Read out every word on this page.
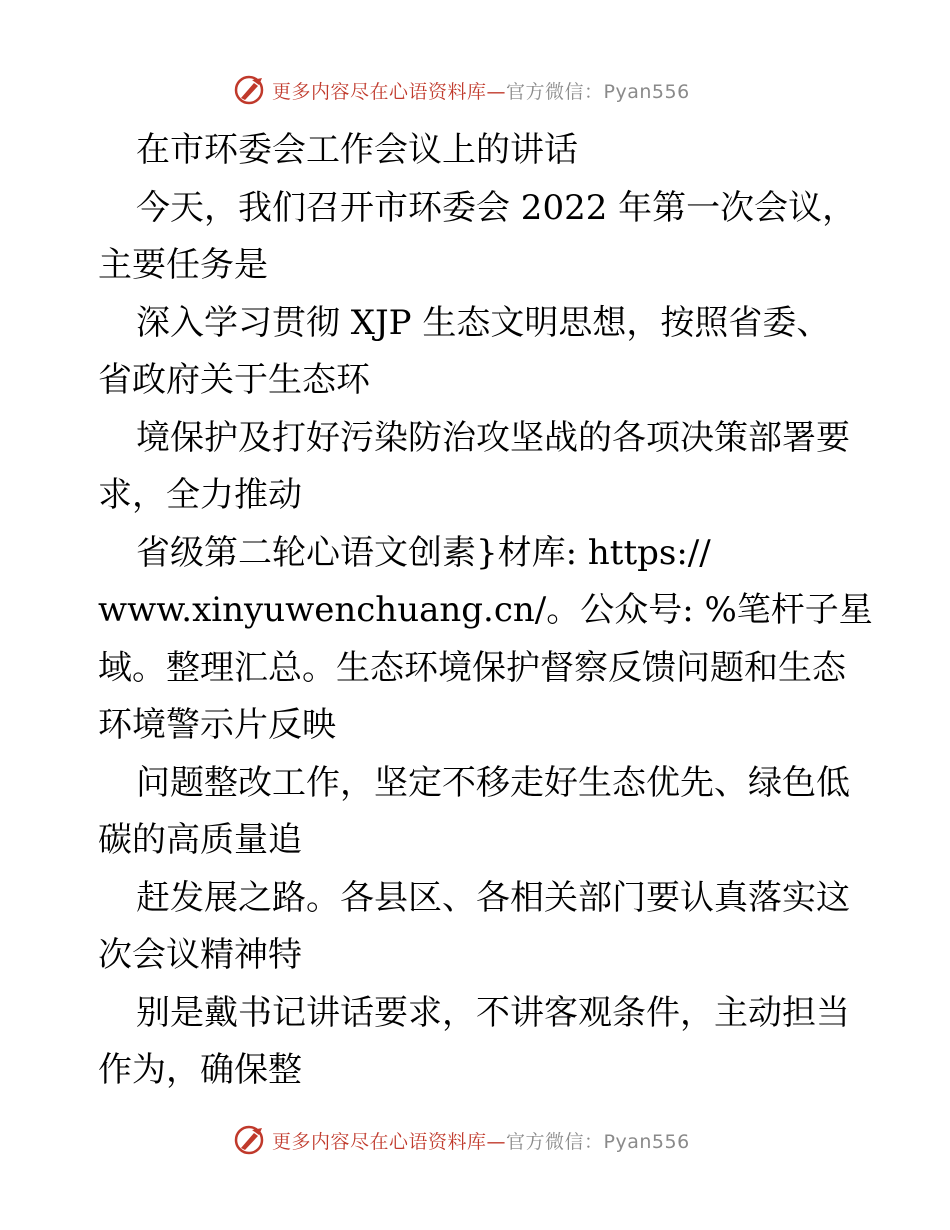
更多内容尽在心语资料库—官方微信：Pyan556
在市环委会工作会议上的讲话
今天，我们召开市环委会 2022 年第一次会议，
主要任务是
深入学习贯彻 XJP 生态文明思想，按照省委、
省政府关于生态环
境保护及打好污染防治攻坚战的各项决策部署要
求，全力推动
省级第二轮心语文创素}材库: https://
www.xinyuwenchuang.cn/。公众号: %笔杆子星
域。整理汇总。生态环境保护督察反馈问题和生态
环境警示片反映
问题整改工作，坚定不移走好生态优先、绿色低
碳的高质量追
赶发展之路。各县区、各相关部门要认真落实这
次会议精神特
别是戴书记讲话要求，不讲客观条件，主动担当
作为，确保整
更多内容尽在心语资料库—官方微信：Pyan556
